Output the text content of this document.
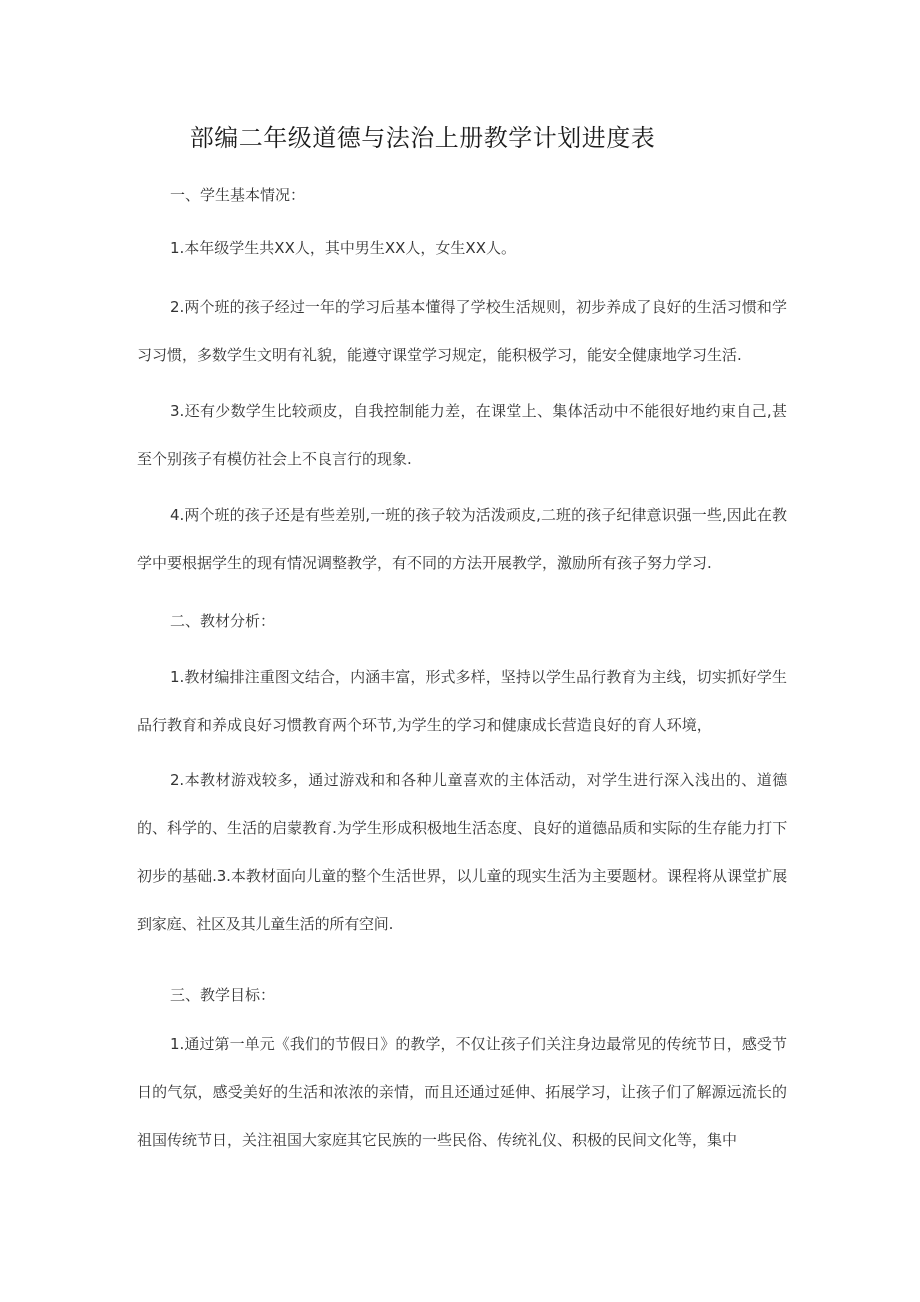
部编二年级道德与法治上册教学计划进度表
一、学生基本情况：

1.本年级学生共XX人，其中男生XX人，女生XX人。

2.两个班的孩子经过一年的学习后基本懂得了学校生活规则，初步养成了良好的生活习惯和学习习惯，多数学生文明有礼貌，能遵守课堂学习规定，能积极学习，能安全健康地学习生活.

3.还有少数学生比较顽皮，自我控制能力差，在课堂上、集体活动中不能很好地约束自己,甚至个别孩子有模仿社会上不良言行的现象.

4.两个班的孩子还是有些差别,一班的孩子较为活泼顽皮,二班的孩子纪律意识强一些,因此在教学中要根据学生的现有情况调整教学，有不同的方法开展教学，激励所有孩子努力学习.

二、教材分析：

1.教材编排注重图文结合，内涵丰富，形式多样，坚持以学生品行教育为主线，切实抓好学生品行教育和养成良好习惯教育两个环节,为学生的学习和健康成长营造良好的育人环境，

2.本教材游戏较多，通过游戏和和各种儿童喜欢的主体活动，对学生进行深入浅出的、道德的、科学的、生活的启蒙教育.为学生形成积极地生活态度、良好的道德品质和实际的生存能力打下初步的基础.3.本教材面向儿童的整个生活世界，以儿童的现实生活为主要题材。课程将从课堂扩展到家庭、社区及其儿童生活的所有空间.

三、教学目标：

1.通过第一单元《我们的节假日》的教学，不仅让孩子们关注身边最常见的传统节日，感受节日的气氛，感受美好的生活和浓浓的亲情，而且还通过延伸、拓展学习，让孩子们了解源远流长的祖国传统节日，关注祖国大家庭其它民族的一些民俗、传统礼仪、积极的民间文化等，集中
